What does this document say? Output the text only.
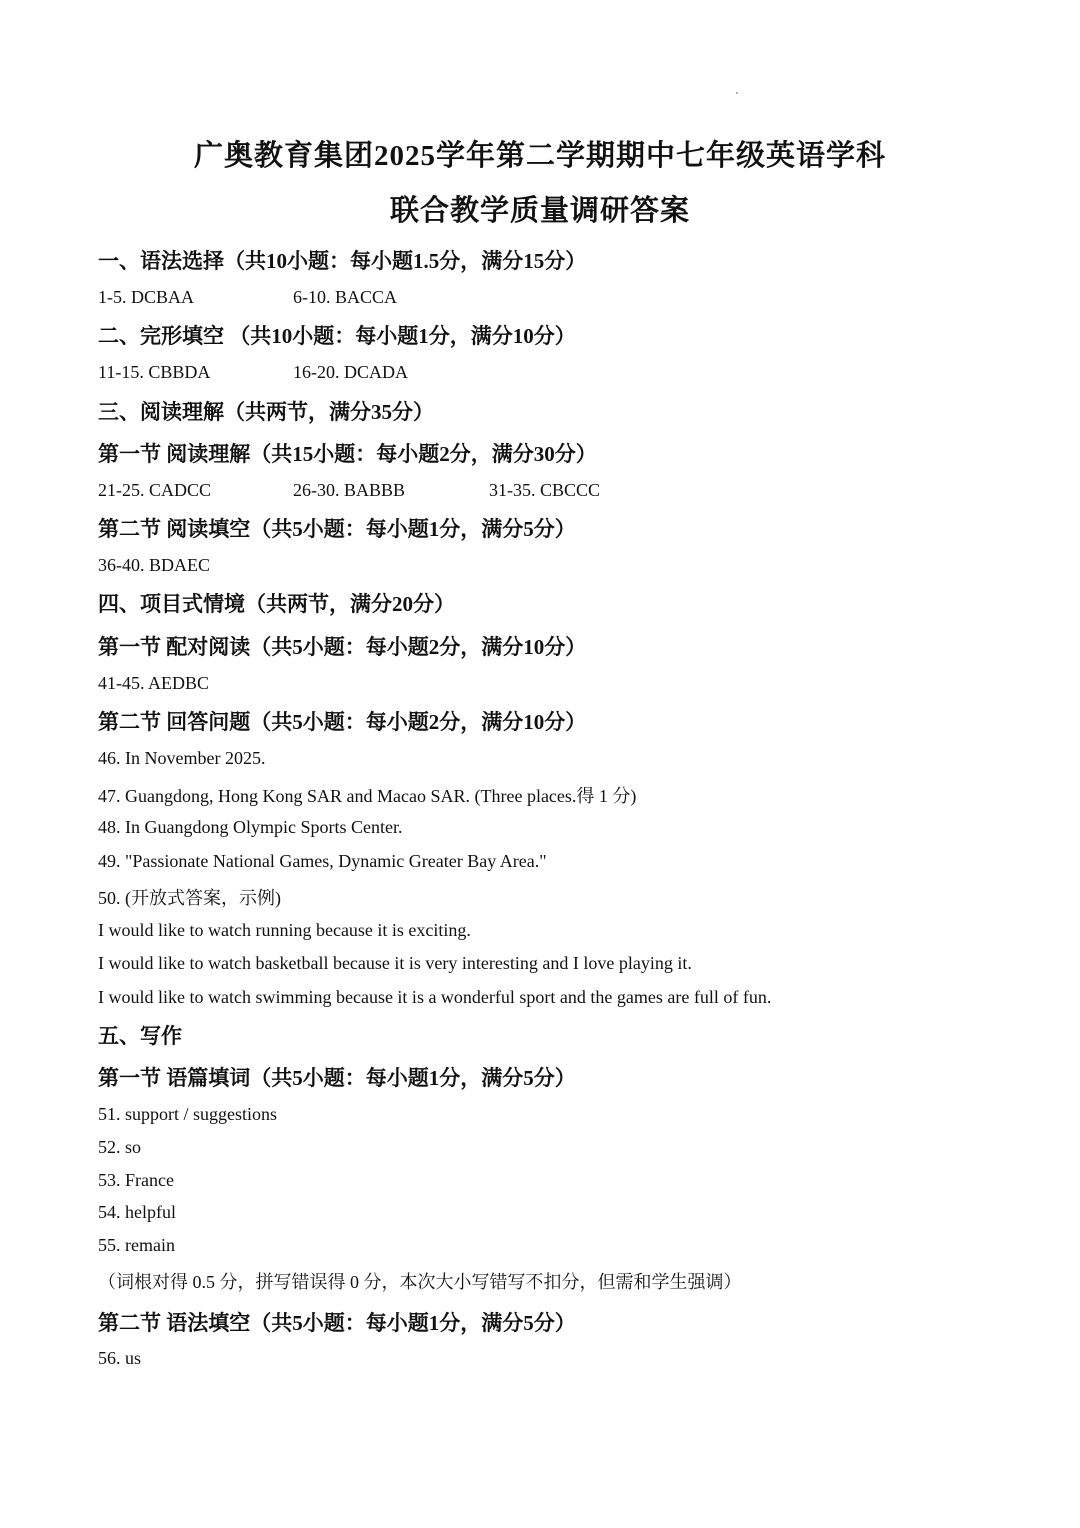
广奥教育集团2025学年第二学期期中七年级英语学科
联合教学质量调研答案
一、语法选择（共10小题：每小题1.5分，满分15分）
1-5. DCBAA	6-10. BACCA
二、完形填空 （共10小题：每小题1分，满分10分）
11-15. CBBDA	16-20. DCADA
三、阅读理解（共两节，满分35分）
第一节 阅读理解（共15小题：每小题2分，满分30分）
21-25. CADCC	26-30. BABBB	31-35. CBCCC
第二节 阅读填空（共5小题：每小题1分，满分5分）
36-40. BDAEC
四、项目式情境（共两节，满分20分）
第一节 配对阅读（共5小题：每小题2分，满分10分）
41-45. AEDBC
第二节 回答问题（共5小题：每小题2分，满分10分）
46. In November 2025.
47. Guangdong, Hong Kong SAR and Macao SAR. (Three places.得 1 分)
48. In Guangdong Olympic Sports Center.
49. "Passionate National Games, Dynamic Greater Bay Area."
50. (开放式答案，示例)
I would like to watch running because it is exciting.
I would like to watch basketball because it is very interesting and I love playing it.
I would like to watch swimming because it is a wonderful sport and the games are full of fun.
五、写作
第一节 语篇填词（共5小题：每小题1分，满分5分）
51. support / suggestions
52. so
53. France
54. helpful
55. remain
（词根对得 0.5 分，拼写错误得 0 分，本次大小写错写不扣分，但需和学生强调）
第二节 语法填空（共5小题：每小题1分，满分5分）
56. us
